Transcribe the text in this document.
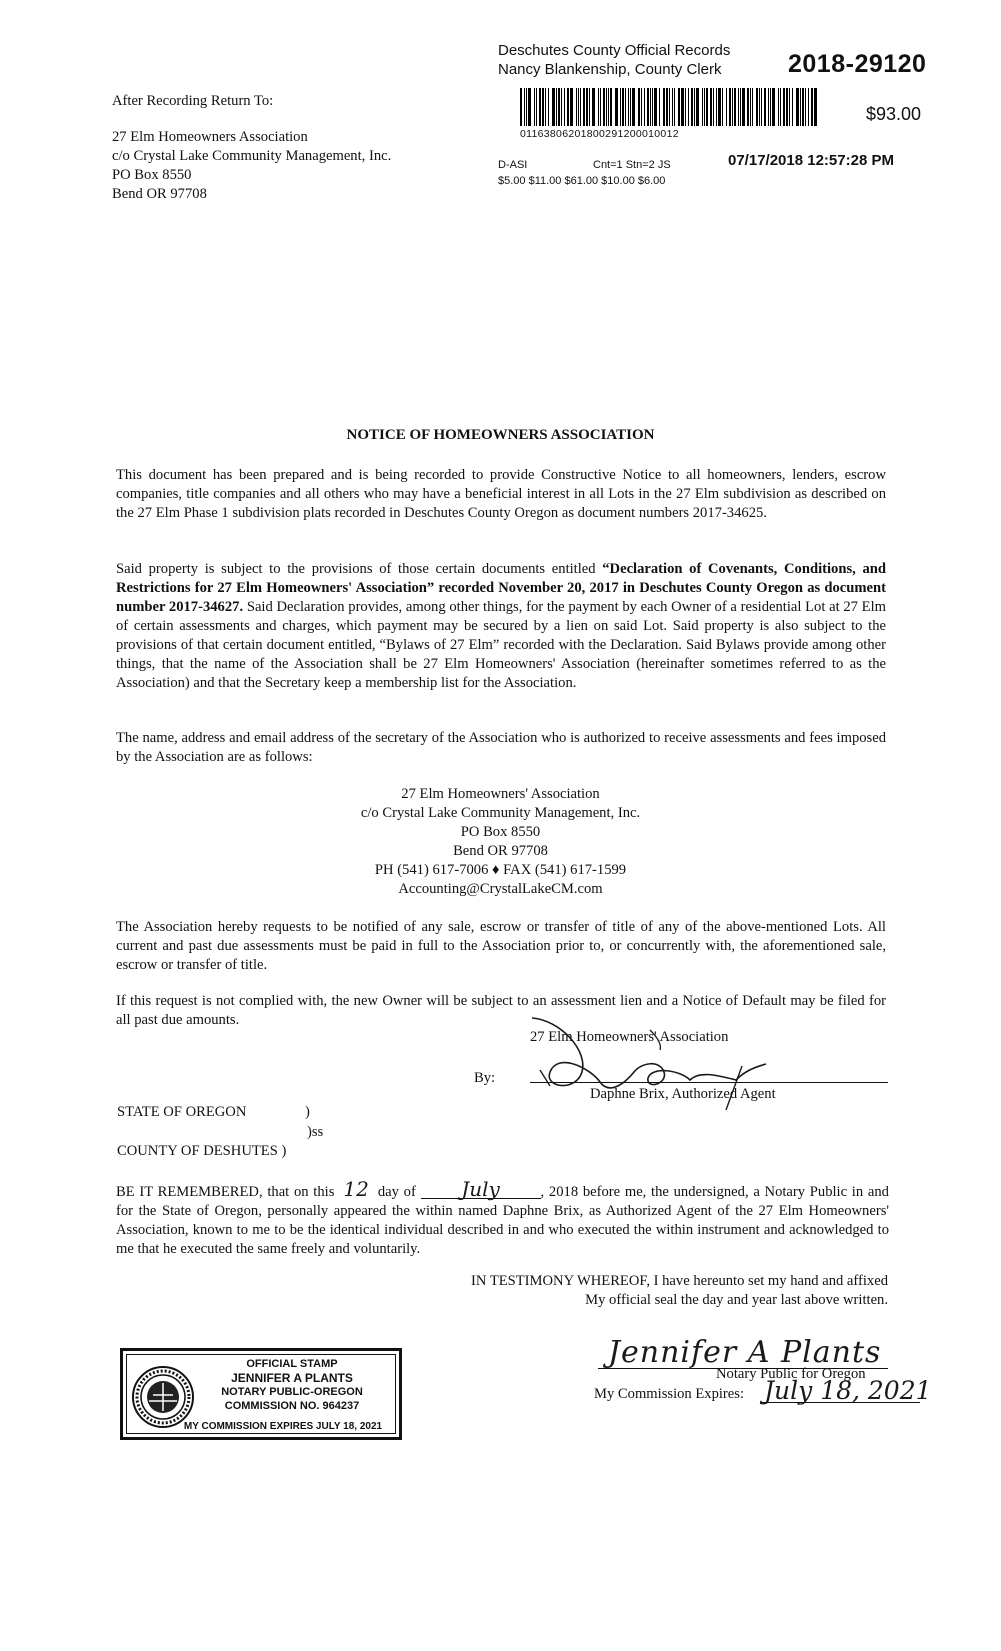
Deschutes County Official Records
Nancy Blankenship, County Clerk	2018-29120
01163806201800291200010012
$93.00
D-ASI	Cnt=1 Stn=2 JS	07/17/2018 12:57:28 PM
$5.00 $11.00 $61.00 $10.00 $6.00
After Recording Return To:
27 Elm Homeowners Association
c/o Crystal Lake Community Management, Inc.
PO Box 8550
Bend OR 97708
NOTICE OF HOMEOWNERS ASSOCIATION
This document has been prepared and is being recorded to provide Constructive Notice to all homeowners, lenders, escrow companies, title companies and all others who may have a beneficial interest in all Lots in the 27 Elm subdivision as described on the 27 Elm Phase 1 subdivision plats recorded in Deschutes County Oregon as document numbers 2017-34625.
Said property is subject to the provisions of those certain documents entitled “Declaration of Covenants, Conditions, and Restrictions for 27 Elm Homeowners' Association” recorded November 20, 2017 in Deschutes County Oregon as document number 2017-34627. Said Declaration provides, among other things, for the payment by each Owner of a residential Lot at 27 Elm of certain assessments and charges, which payment may be secured by a lien on said Lot. Said property is also subject to the provisions of that certain document entitled, “Bylaws of 27 Elm” recorded with the Declaration. Said Bylaws provide among other things, that the name of the Association shall be 27 Elm Homeowners' Association (hereinafter sometimes referred to as the Association) and that the Secretary keep a membership list for the Association.
The name, address and email address of the secretary of the Association who is authorized to receive assessments and fees imposed by the Association are as follows:
27 Elm Homeowners' Association
c/o Crystal Lake Community Management, Inc.
PO Box 8550
Bend OR 97708
PH (541) 617-7006 ♦ FAX (541) 617-1599
Accounting@CrystalLakeCM.com
The Association hereby requests to be notified of any sale, escrow or transfer of title of any of the above-mentioned Lots. All current and past due assessments must be paid in full to the Association prior to, or concurrently with, the aforementioned sale, escrow or transfer of title.
If this request is not complied with, the new Owner will be subject to an assessment lien and a Notice of Default may be filed for all past due amounts.
27 Elm Homeowners' Association
By:
Daphne Brix, Authorized Agent
STATE OF OREGON	)
)ss
COUNTY OF DESHUTES )
BE IT REMEMBERED, that on this 12 day of July	, 2018 before me, the undersigned, a Notary Public in and for the State of Oregon, personally appeared the within named Daphne Brix, as Authorized Agent of the 27 Elm Homeowners' Association, known to me to be the identical individual described in and who executed the within instrument and acknowledged to me that he executed the same freely and voluntarily.
IN TESTIMONY WHEREOF, I have hereunto set my hand and affixed
My official seal the day and year last above written.
Jennifer A Plants
Notary Public for Oregon
My Commission Expires: July 18, 2021
OFFICIAL STAMP
JENNIFER A PLANTS
NOTARY PUBLIC-OREGON
COMMISSION NO. 964237
MY COMMISSION EXPIRES JULY 18, 2021
